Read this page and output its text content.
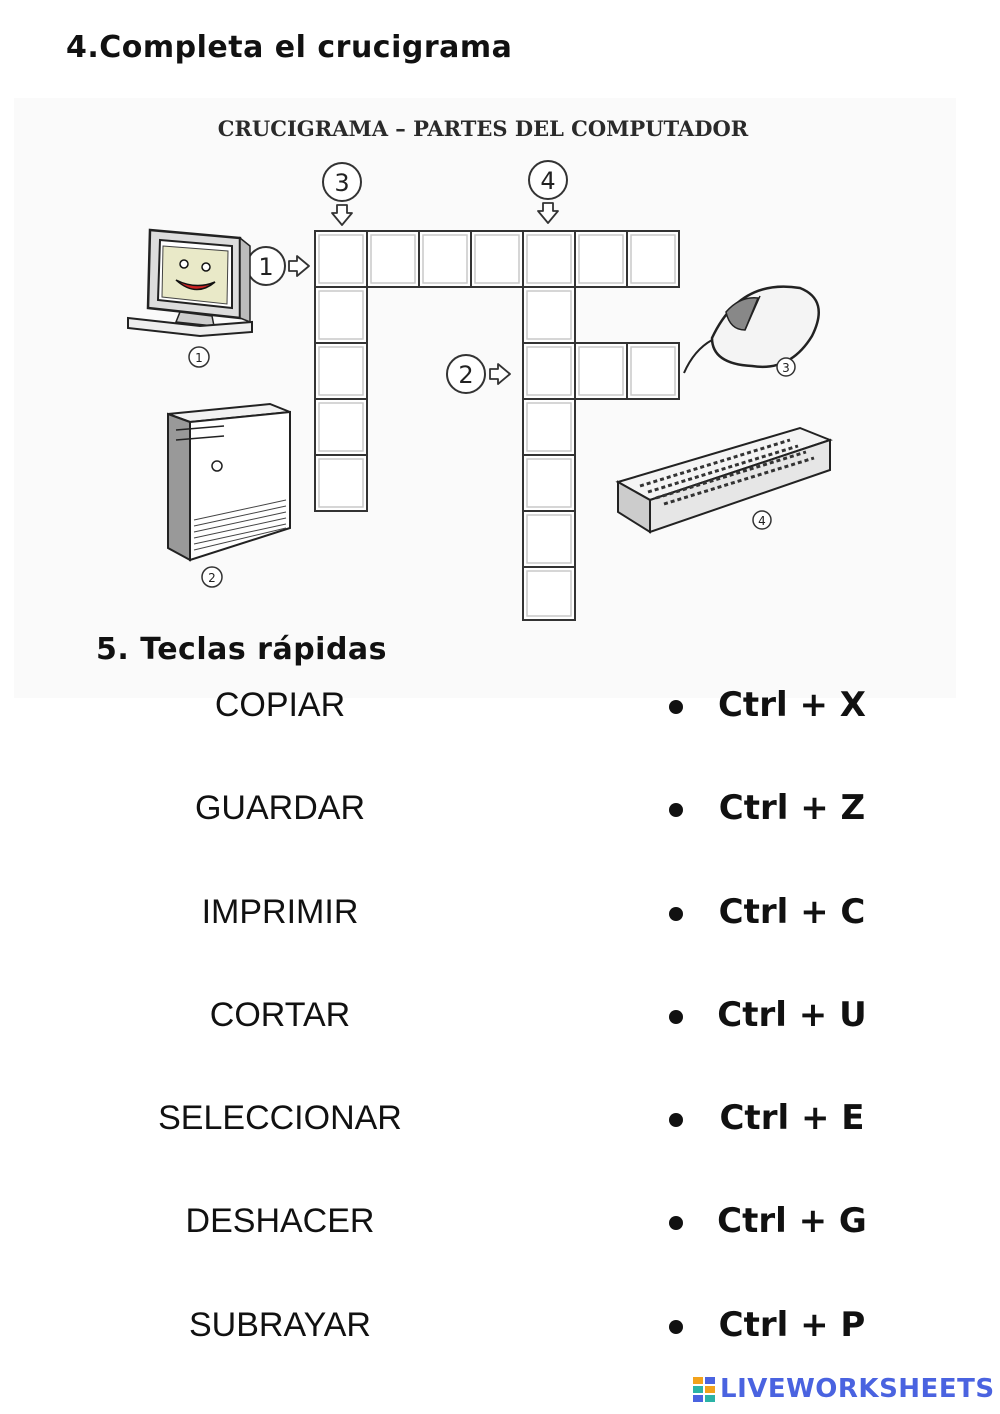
4.Completa el crucigrama
CRUCIGRAMA – PARTES DEL COMPUTADOR
3	4
1
2
1
2
3
4
5. Teclas rápidas
COPIAR
GUARDAR
IMPRIMIR
CORTAR
SELECCIONAR
DESHACER
SUBRAYAR
Ctrl + X
Ctrl + Z
Ctrl + C
Ctrl + U
Ctrl + E
Ctrl + G
Ctrl + P
LIVEWORKSHEETS
